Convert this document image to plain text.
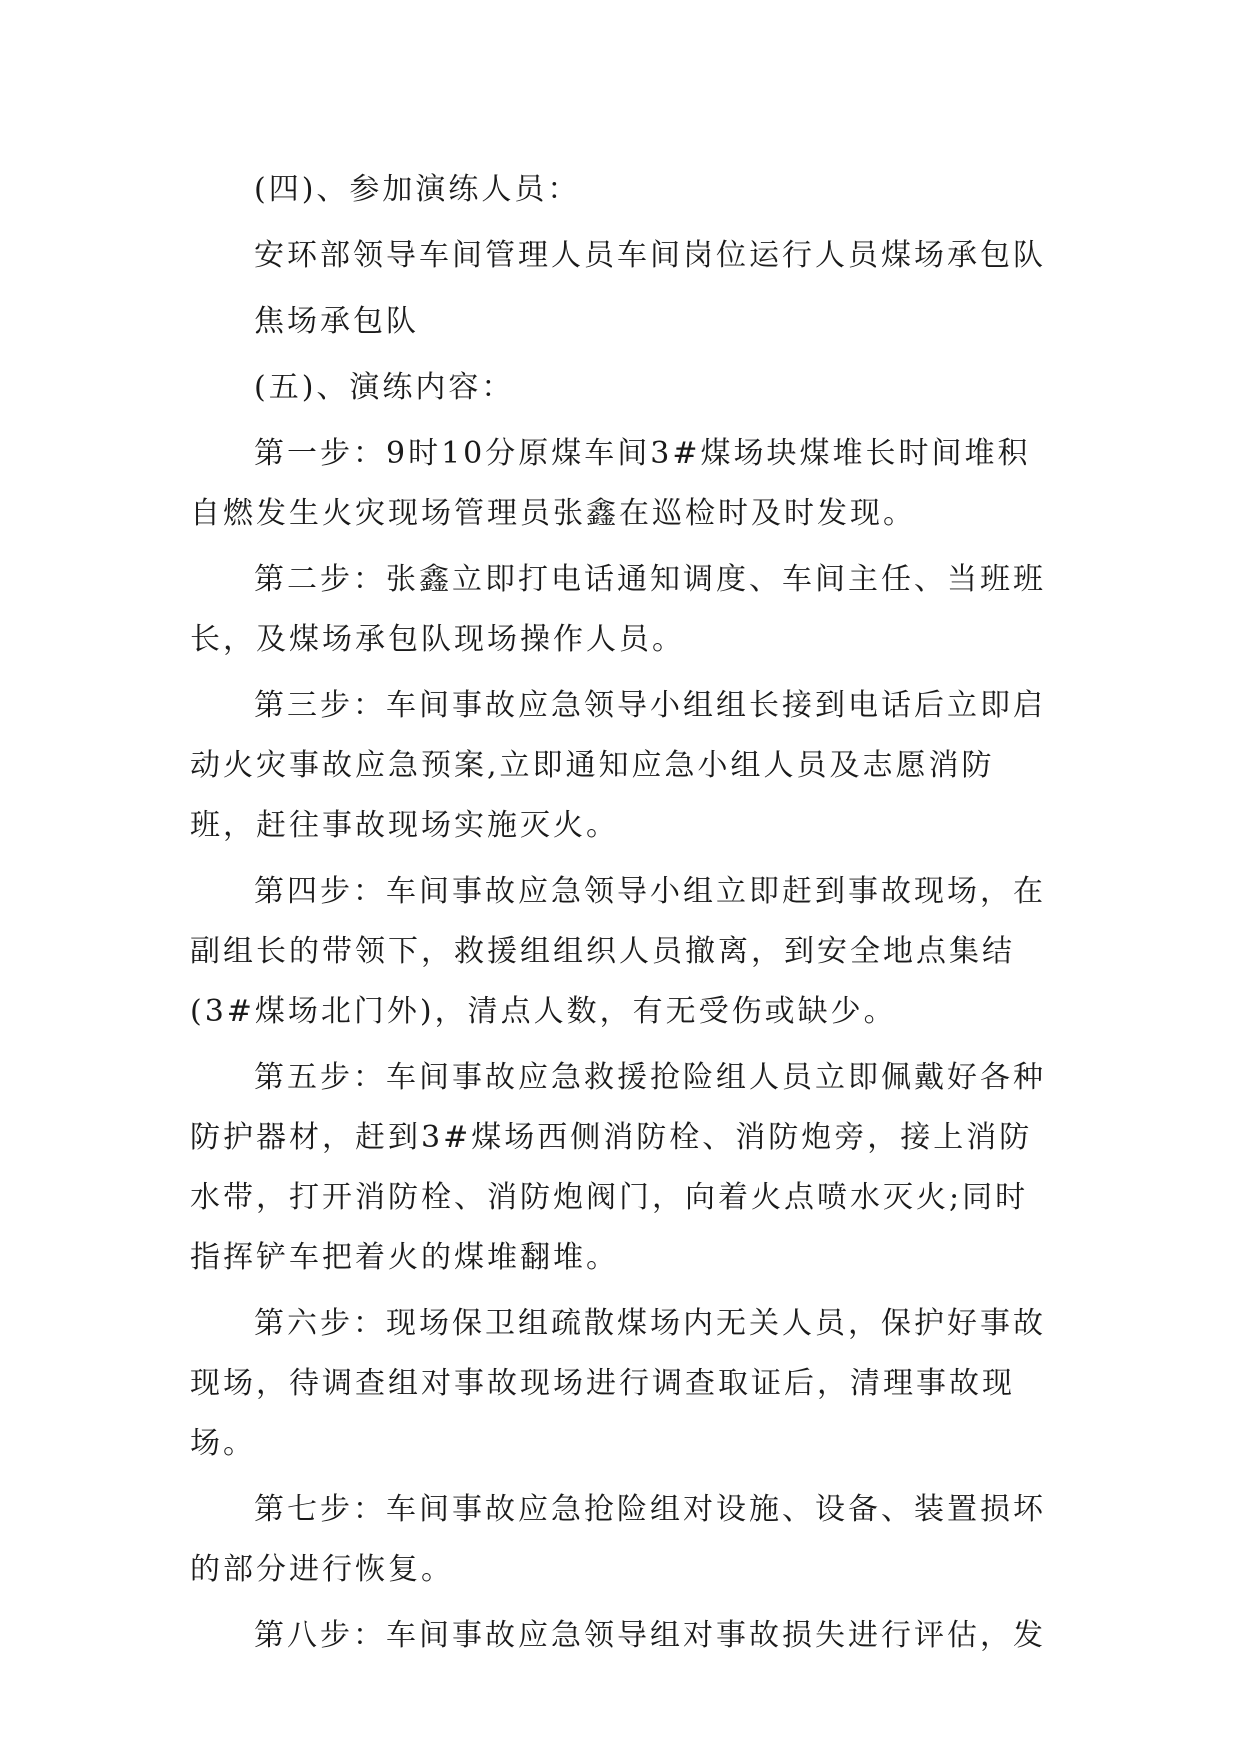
(四)、参加演练人员：

安环部领导车间管理人员车间岗位运行人员煤场承包队

焦场承包队

(五)、演练内容：

第一步：9时10分原煤车间3#煤场块煤堆长时间堆积自燃发生火灾现场管理员张鑫在巡检时及时发现。

第二步：张鑫立即打电话通知调度、车间主任、当班班长，及煤场承包队现场操作人员。

第三步：车间事故应急领导小组组长接到电话后立即启动火灾事故应急预案,立即通知应急小组人员及志愿消防班，赶往事故现场实施灭火。

第四步：车间事故应急领导小组立即赶到事故现场，在副组长的带领下，救援组组织人员撤离，到安全地点集结(3#煤场北门外)，清点人数，有无受伤或缺少。

第五步：车间事故应急救援抢险组人员立即佩戴好各种防护器材，赶到3#煤场西侧消防栓、消防炮旁，接上消防水带，打开消防栓、消防炮阀门，向着火点喷水灭火;同时指挥铲车把着火的煤堆翻堆。

第六步：现场保卫组疏散煤场内无关人员，保护好事故现场，待调查组对事故现场进行调查取证后，清理事故现场。

第七步：车间事故应急抢险组对设施、设备、装置损坏的部分进行恢复。

第八步：车间事故应急领导组对事故损失进行评估，发
